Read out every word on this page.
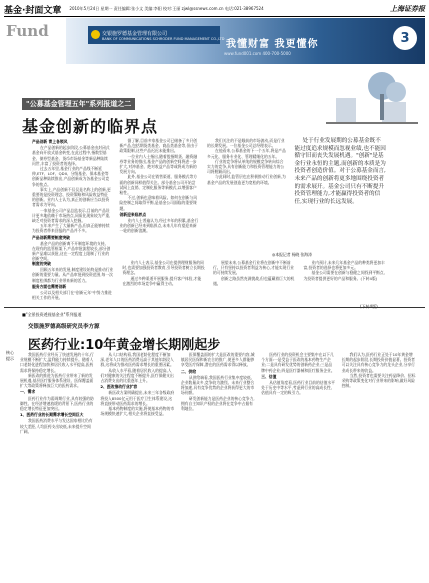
基金·封面文章 2010年5月24日 星期一 责任编辑:张小文 美编:李阳 校对:王丽 zjwl@ssnews.com.cn 电话:021-38967524	上海证券报
Fund	交银施罗德基金管理有限公司
BANK OF COMMUNICATIONS SCHRODER FUND MANAGEMENT CO.,LTD
我懂财富 我更懂你
www.fund001.com 400-700-5000
3
"公募基金管理五年"系列报道之二
基金创新的临界点
产品创新 青上各领风
在产品创新的起步阶段,公募基金由封闭式基金向开放式基金转变,在此过程中,指数型基金、债券型基金、货币市场基金等新品种陆续问世,丰富了投资者的选择。
过去五年里,基金行业的产品线不断延伸,ETF、LOF、QDII、分级基金、保本基金等创新品种陆续推出,产品创新成为各基金公司竞争的焦点。
事实上,产品创新不仅仅是名称上的创新,更重要的是投资理念、投资策略和风险收益特征的创新。业内人士认为,真正的创新应当以投资者需求为导向。
一家基金公司产品总监表示,目前的产品设计更多地依赖于市场热点,同质化现象较为严重,缺乏对投资者需求的深入挖掘。
五年来产生了大量新产品,但真正能够持续为投资者带来回报的产品并不多。
产品创新需要制度突破
基金产品的创新离不开制度环境的支持。在现有的监管框架下,产品审批流程较长,部分创新产品难以获批,这在一定程度上限制了行业的创新空间。
据了解,目前多家基金公司已储备了多只创新产品,包括期货类基金、商品类基金等,但由于政策限制,这些产品迟迟未能推出。
一位业内人士指出,随着股指期货、融资融券等业务的推出,基金产品的创新空间将进一步扩大,对冲基金、绝对收益产品等或将成为新的发展方向。
此外,基金公司在销售渠道、服务模式等方面的创新同样值得关注。部分基金公司开始尝试网上直销、定制化服务等新模式,以增强客户粘性。
不过,创新也意味着风险。如何在创新与风险控制之间取得平衡,是基金公司面临的重要课题。
创新迎来临界点
业内人士普遍认为,经过多年的积累,基金行业的创新已经来到临界点,未来几年有望迎来新一轮的创新浪潮。
我们关注的不是眼前的市场波动,而是行业的长期发展。一位基金公司总经理表示。
在他看来,公募基金的下一个五年,将是产品多元化、服务专业化、管理精细化的五年。
行业的竞争将从单纯的规模竞争转向综合实力的竞争,具有创新能力和投资管理能力的公司将脱颖而出。
与此同时,监管层也在积极推动行业创新,为基金产品的发展创造更为宽松的环境。
处于行业发展期的公募基金既不能过度追求规模而忽视业绩,也不能因循守旧而丧失发展机遇。"创新"是基金行业永恒的主题,而创新的本质是为投资者创造价值。对于公募基金而言,未来产品的创新将更多地围绕投资者的需求展开。基金公司只有不断提升投资管理能力,才能赢得投资者的信任,实现行业的长远发展。
◎本报记者 杨晓 张海涛
制度的突破
回顾五年来的发展,制度建设始终是推动行业创新的重要力量。从产品审批到投资范围,每一次制度松绑都为行业带来新的活力。
服务方面也需要创新
公司以及相关部门在"创新元年"中努力推进相关工作的开展。
业内人士表示,基金公司在提供理财服务的同时,也需要加强投资者教育,引导投资者树立长期投资理念。
通过多种渠道开展服务,提升客户体验,才能在激烈的市场竞争中赢得主动。
展望未来,公募基金行业将在创新中不断前行。只有坚持以投资者利益为核心,才能实现行业的可持续发展。
创新之路虽然充满挑战,但也蕴藏着巨大的机遇。
业内预计,未来几年基金产品的种类将更加丰富,投资者的选择也将更加多元。
基金公司需要在创新与稳健之间找到平衡点,为投资者提供更好的产品和服务。(下转4版)
■"全景投资透视基金业"系列报道
核心提示
交银施罗德高级研究员李方源
医药行业:10年黄金增长期刚起步
我国医药行业经历了快速发展的十年,行业规模不断扩大,盈利能力持续提升。随着人口老龄化进程加快和居民收入水平提高,医药需求将保持稳定增长。
新医改的推进为医药行业带来了新的发展机遇,基层医疗服务体系建设、医保覆盖面扩大等政策将释放巨大的医药需求。
一、需求
医药行业作为弱周期行业,具有较强的防御性。在经济增速放缓的背景下,医药行业的稳定增长特征更加突出。
1、医药行业的长期需求增长空间巨大
我国医药消费水平与发达国家相比仍有较大差距,人均医药支出较低,未来提升空间广阔。
从人口结构看,我国老龄化程度不断加深,老年人口的医药消费远高于其他年龄段人群,这将成为推动医药需求增长的重要因素。
从收入水平看,随着居民收入的提高,人们对健康的关注程度不断提升,医疗保健支出占消费支出的比重逐年上升。
2、医改推动行业扩容
新医改方案明确提出,未来三年各级政府将投入8500亿元用于医疗卫生体系建设,这将直接带动医药需求的增长。
基本药物制度的实施,将使基本药物的市场规模快速扩大,相关企业将直接受益。
医保覆盖面的扩大是医改的重要内容,城镇居民医保和新农合的推广,使更多人群能够享受医疗保障,潜在的医药需求得以释放。
二、供给
从供给端看,我国医药行业集中度较低,企业数量众多,竞争较为激烈。未来行业整合将加速,具有竞争优势的企业将获得更大的市场份额。
研发创新能力是医药企业的核心竞争力,拥有自主知识产权的企业将在竞争中占据有利地位。
医药行业的投资机会主要集中在以下几个方面:一是受益于医改的基本药物生产企业;二是具有研发优势的创新药企业;三是品牌中药企业;四是医疗器械和医疗服务企业。
三、估值
从估值角度看,医药行业目前的估值水平处于历史中等水平,考虑到行业的高成长性,估值具有一定的吸引力。
我们认为,医药行业正处于10年黄金增长期的起步阶段,长期投资价值显著。投资者可以关注具有核心竞争力的龙头企业,分享行业成长带来的收益。
当然,投资者也需要关注药品降价、招标采购等政策变化对行业带来的影响,做好风险控制。
